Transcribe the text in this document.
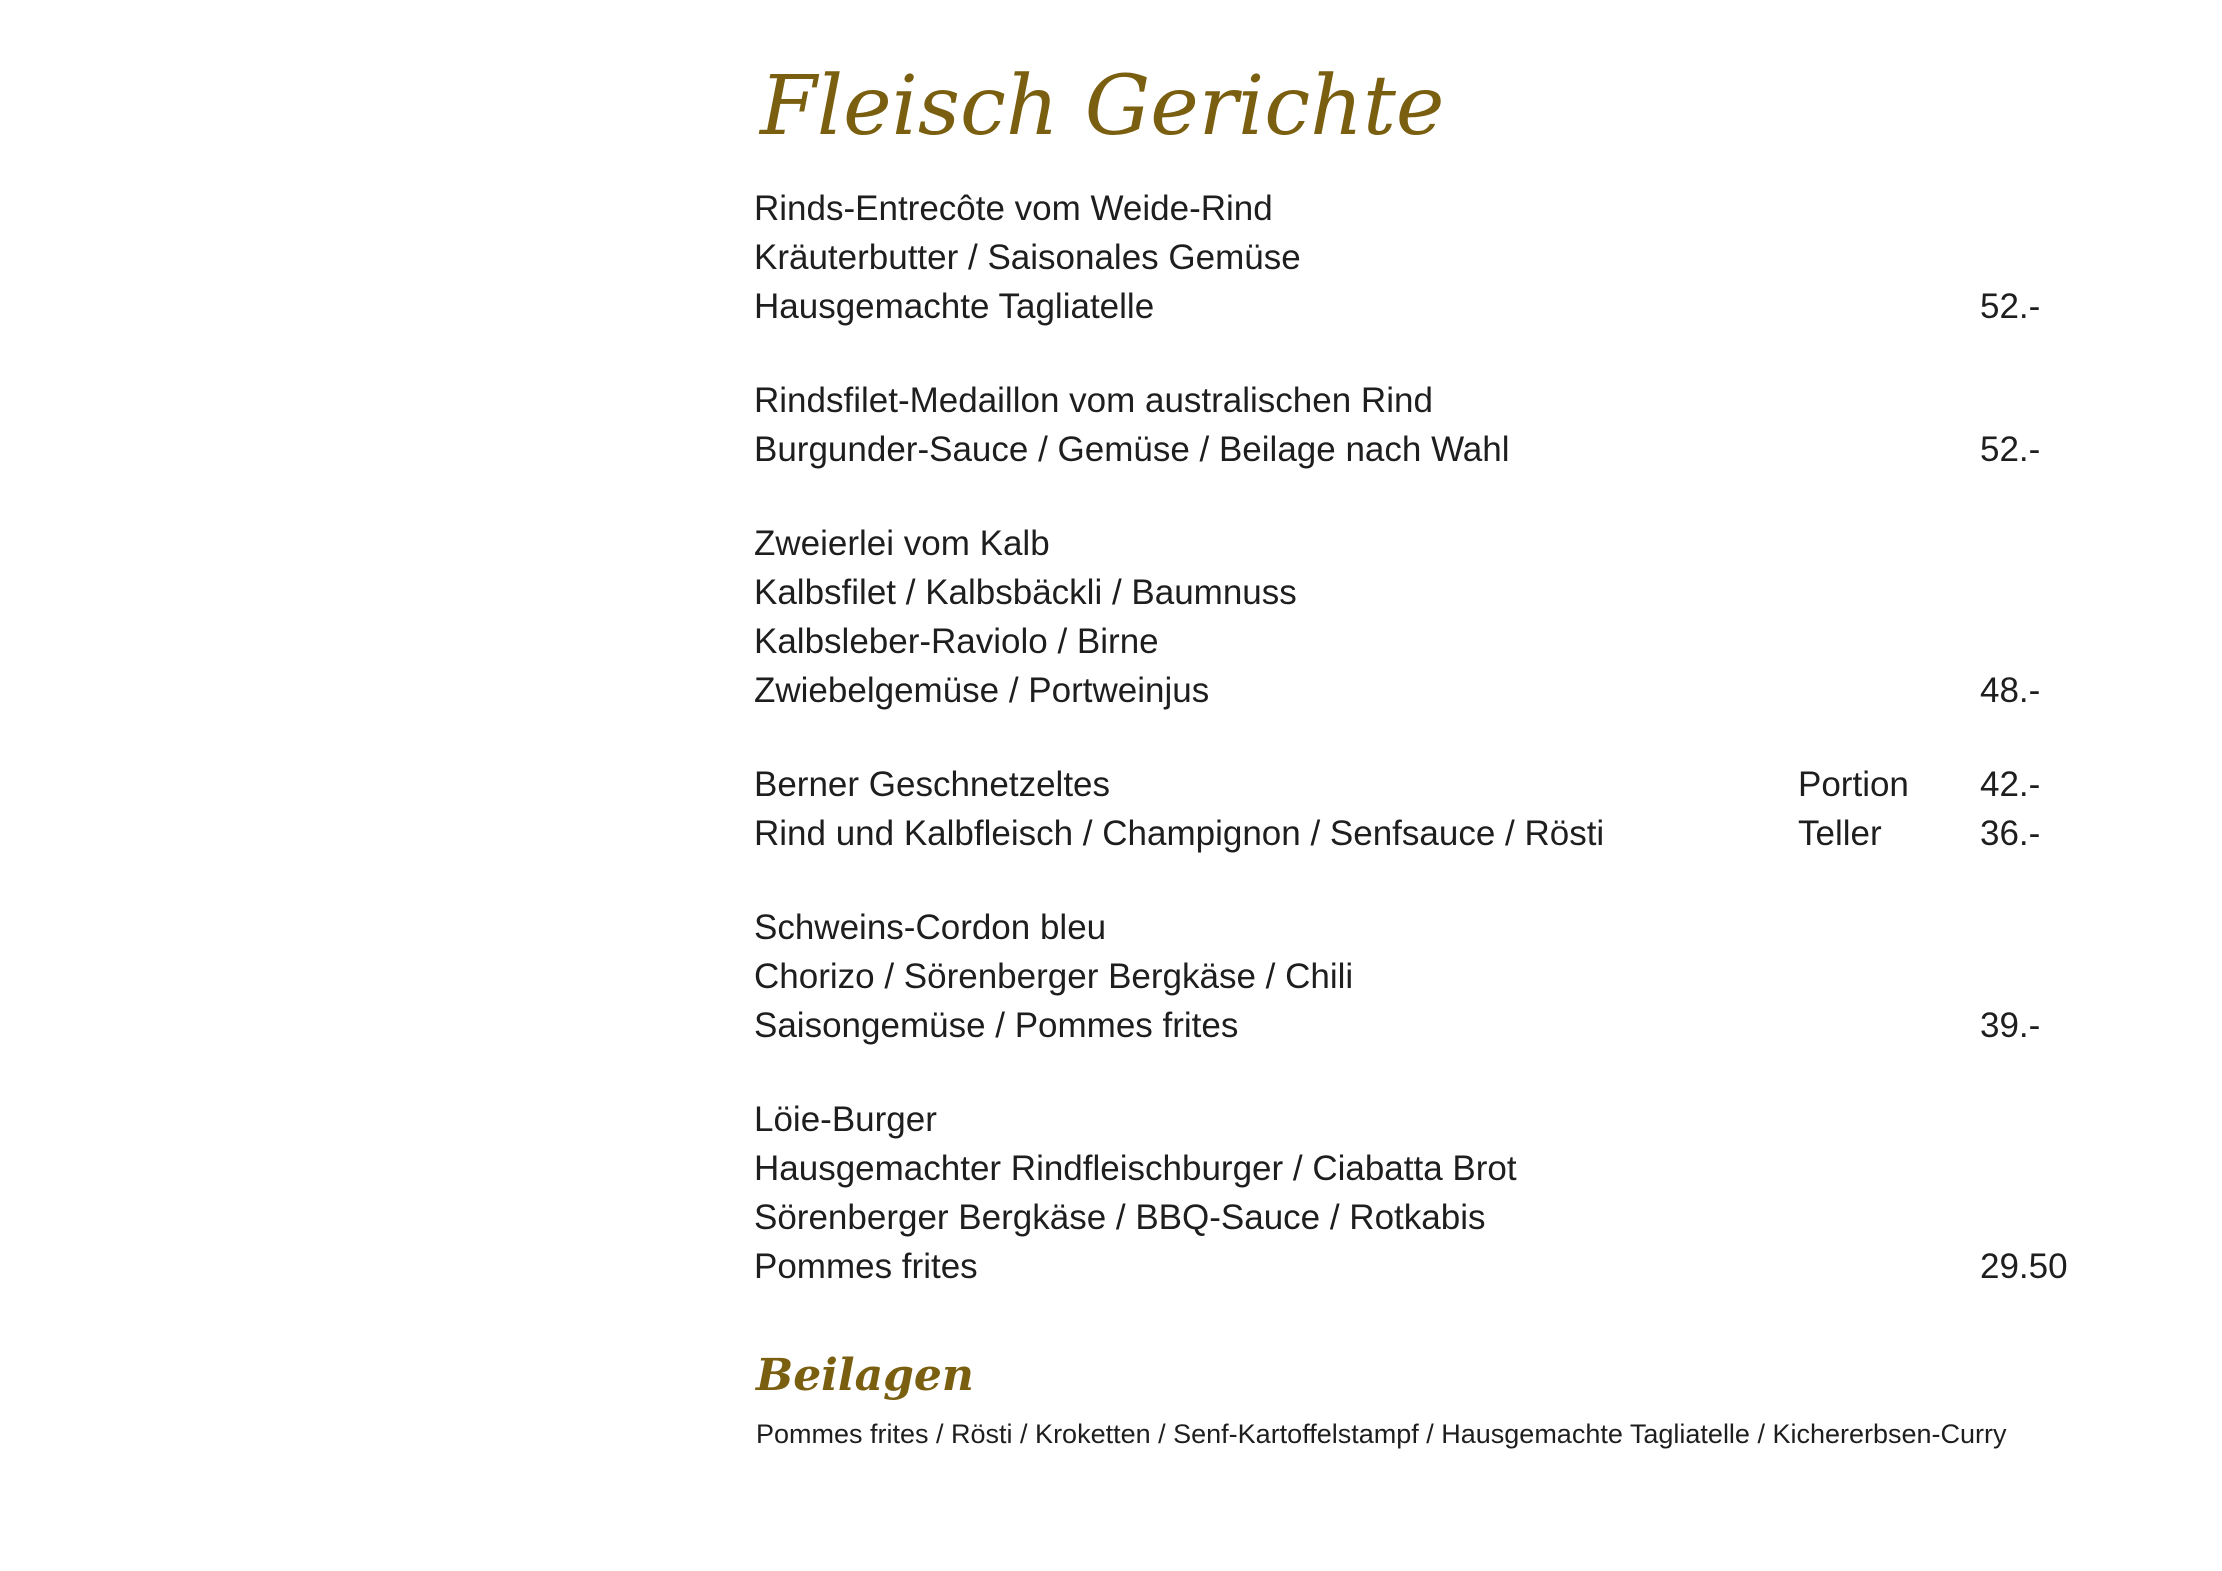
Fleisch Gerichte
Rinds-Entrecôte vom Weide-Rind
Kräuterbutter / Saisonales Gemüse
Hausgemachte Tagliatelle	52.-
Rindsfilet-Medaillon vom australischen Rind
Burgunder-Sauce / Gemüse / Beilage nach Wahl	52.-
Zweierlei vom Kalb
Kalbsfilet / Kalbsbäckli / Baumnuss
Kalbsleber-Raviolo / Birne
Zwiebelgemüse / Portweinjus	48.-
Berner Geschnetzeltes	Portion 42.-
Rind und Kalbfleisch / Champignon / Senfsauce / Rösti	Teller	36.-
Schweins-Cordon bleu
Chorizo / Sörenberger Bergkäse / Chili
Saisongemüse / Pommes frites	39.-
Löie-Burger
Hausgemachter Rindfleischburger / Ciabatta Brot
Sörenberger Bergkäse / BBQ-Sauce / Rotkabis
Pommes frites	29.50
Beilagen
Pommes frites / Rösti / Kroketten / Senf-Kartoffelstampf / Hausgemachte Tagliatelle / Kichererbsen-Curry
